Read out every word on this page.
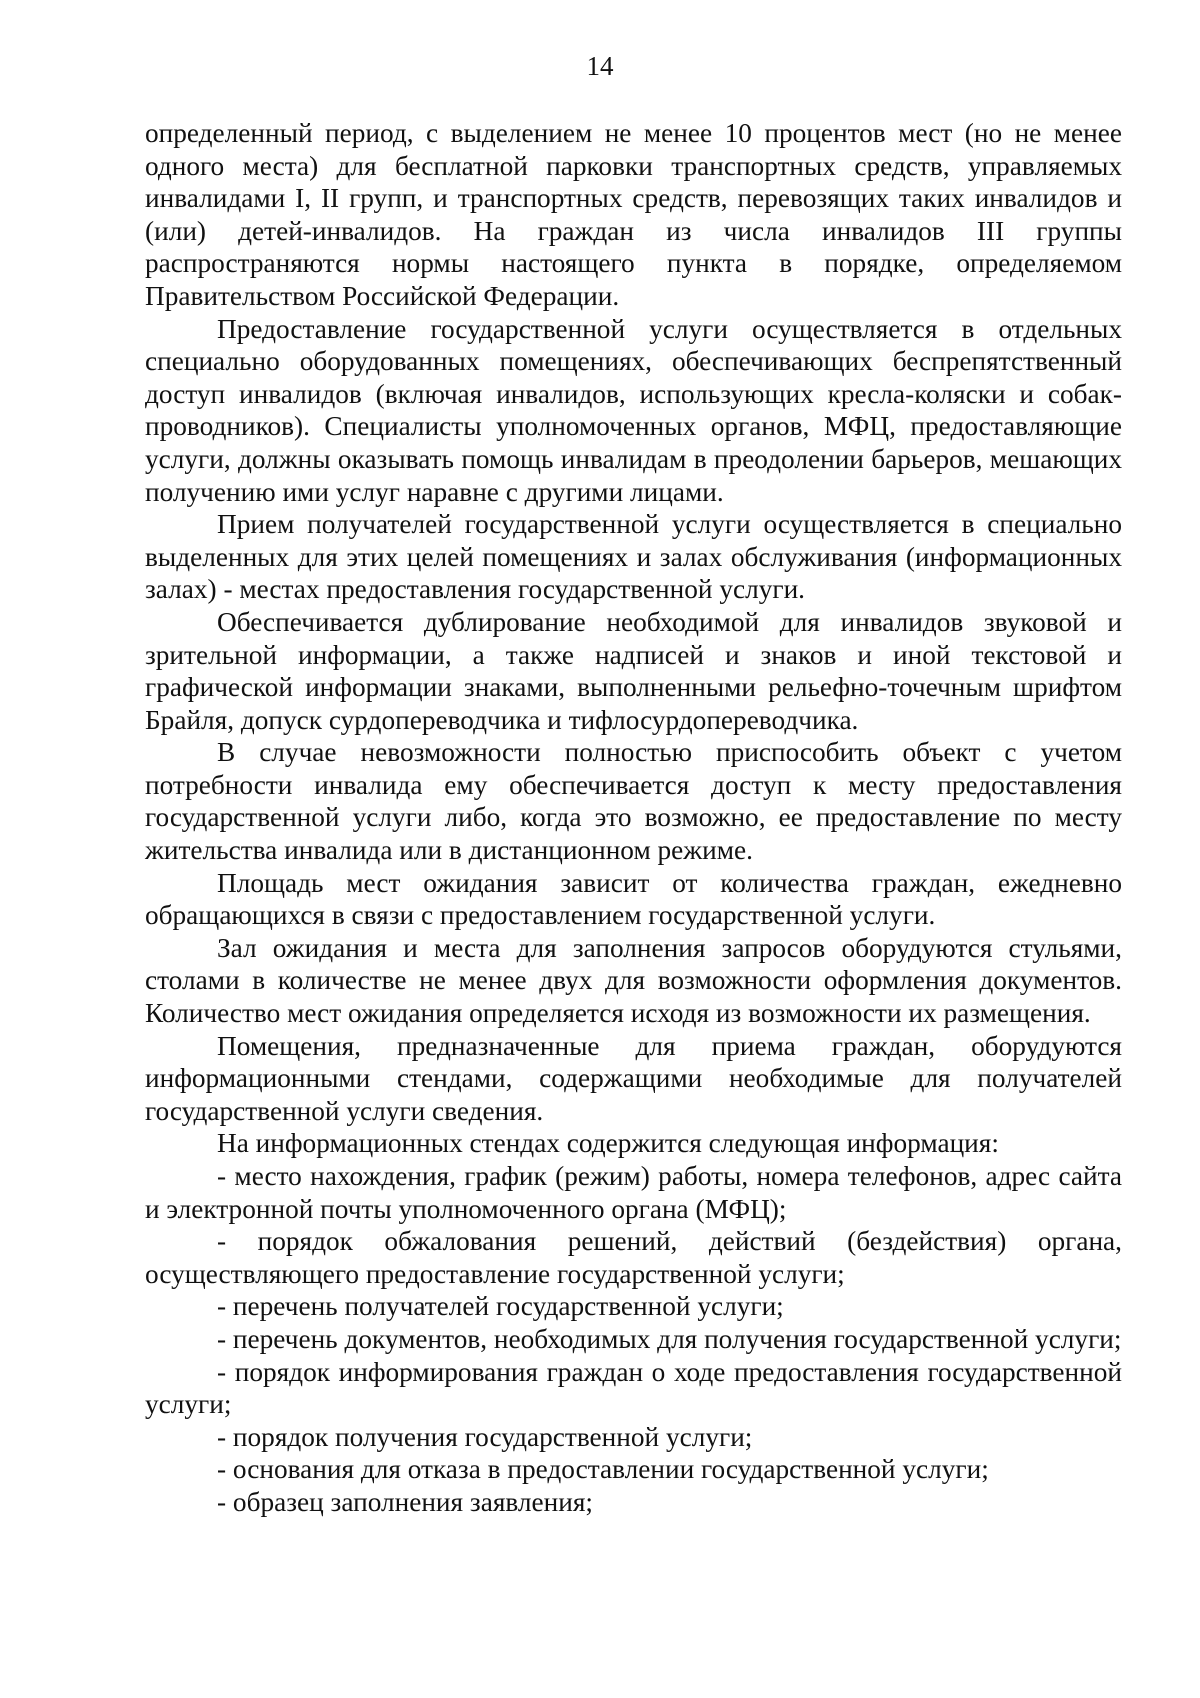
14

определенный период, с выделением не менее 10 процентов мест (но не менее одного места) для бесплатной парковки транспортных средств, управляемых инвалидами I, II групп, и транспортных средств, перевозящих таких инвалидов и (или) детей-инвалидов. На граждан из числа инвалидов III группы распространяются нормы настоящего пункта в порядке, определяемом Правительством Российской Федерации.

Предоставление государственной услуги осуществляется в отдельных специально оборудованных помещениях, обеспечивающих беспрепятственный доступ инвалидов (включая инвалидов, использующих кресла-коляски и собак-проводников). Специалисты уполномоченных органов, МФЦ, предоставляющие услуги, должны оказывать помощь инвалидам в преодолении барьеров, мешающих получению ими услуг наравне с другими лицами.

Прием получателей государственной услуги осуществляется в специально выделенных для этих целей помещениях и залах обслуживания (информационных залах) - местах предоставления государственной услуги.

Обеспечивается дублирование необходимой для инвалидов звуковой и зрительной информации, а также надписей и знаков и иной текстовой и графической информации знаками, выполненными рельефно-точечным шрифтом Брайля, допуск сурдопереводчика и тифлосурдопереводчика.

В случае невозможности полностью приспособить объект с учетом потребности инвалида ему обеспечивается доступ к месту предоставления государственной услуги либо, когда это возможно, ее предоставление по месту жительства инвалида или в дистанционном режиме.

Площадь мест ожидания зависит от количества граждан, ежедневно обращающихся в связи с предоставлением государственной услуги.

Зал ожидания и места для заполнения запросов оборудуются стульями, столами в количестве не менее двух для возможности оформления документов. Количество мест ожидания определяется исходя из возможности их размещения.

Помещения, предназначенные для приема граждан, оборудуются информационными стендами, содержащими необходимые для получателей государственной услуги сведения.

На информационных стендах содержится следующая информация:

- место нахождения, график (режим) работы, номера телефонов, адрес сайта и электронной почты уполномоченного органа (МФЦ);

- порядок обжалования решений, действий (бездействия) органа, осуществляющего предоставление государственной услуги;

- перечень получателей государственной услуги;

- перечень документов, необходимых для получения государственной услуги;

- порядок информирования граждан о ходе предоставления государственной услуги;

- порядок получения государственной услуги;

- основания для отказа в предоставлении государственной услуги;

- образец заполнения заявления;
